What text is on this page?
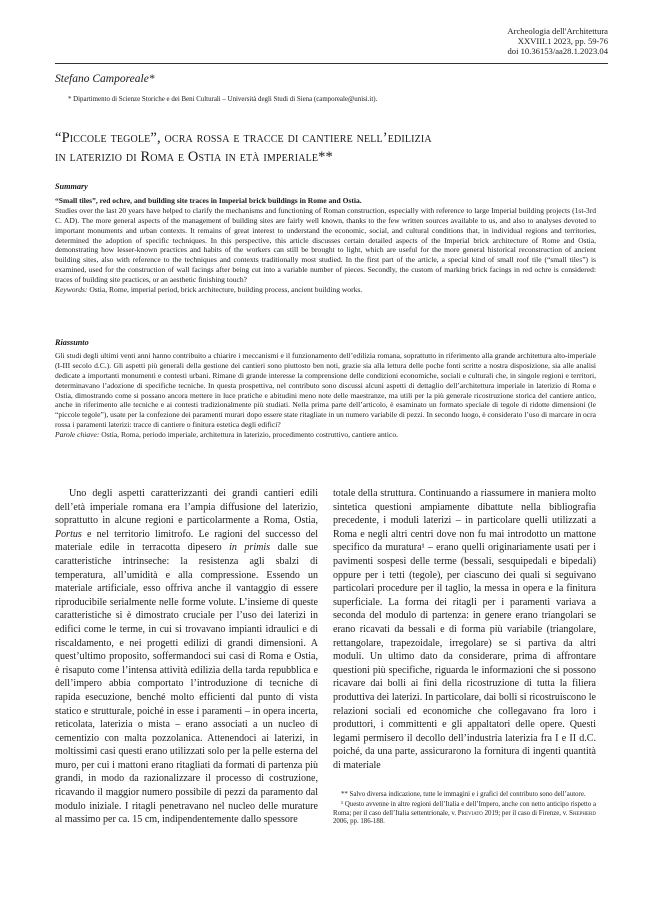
Archeologia dell'Architettura
XXVIII.1 2023, pp. 59-76
doi 10.36153/aa28.1.2023.04
Stefano Camporeale*
* Dipartimento di Scienze Storiche e dei Beni Culturali – Università degli Studi di Siena (camporeale@unisi.it).
“Piccole tegole”, ocra rossa e tracce di cantiere nell’edilizia
in laterizio di Roma e Ostia in età imperiale**
Summary
“Small tiles”, red ochre, and building site traces in Imperial brick buildings in Rome and Ostia.
Studies over the last 20 years have helped to clarify the mechanisms and functioning of Roman construction, especially with reference to large Imperial building projects (1st-3rd C. AD). The more general aspects of the management of building sites are fairly well known, thanks to the few written sources available to us, and also to analyses devoted to important monuments and urban contexts. It remains of great interest to understand the economic, social, and cultural conditions that, in individual regions and territories, determined the adoption of specific techniques. In this perspective, this article discusses certain detailed aspects of the Imperial brick architecture of Rome and Ostia, demonstrating how lesser-known practices and habits of the workers can still be brought to light, which are useful for the more general historical reconstruction of ancient building sites, also with reference to the techniques and contexts traditionally most studied. In the first part of the article, a special kind of small roof tile (“small tiles”) is examined, used for the construction of wall facings after being cut into a variable number of pieces. Secondly, the custom of marking brick facings in red ochre is considered: traces of building site practices, or an aesthetic finishing touch?
Keywords: Ostia, Rome, imperial period, brick architecture, building process, ancient building works.
Riassunto
Gli studi degli ultimi venti anni hanno contribuito a chiarire i meccanismi e il funzionamento dell’edilizia romana, soprattutto in riferimento alla grande architettura alto-imperiale (I-III secolo d.C.). Gli aspetti più generali della gestione dei cantieri sono piuttosto ben noti, grazie sia alla lettura delle poche fonti scritte a nostra disposizione, sia alle analisi dedicate a importanti monumenti e contesti urbani. Rimane di grande interesse la comprensione delle condizioni economiche, sociali e culturali che, in singole regioni e territori, determinavano l’adozione di specifiche tecniche. In questa prospettiva, nel contributo sono discussi alcuni aspetti di dettaglio dell’architettura imperiale in laterizio di Roma e Ostia, dimostrando come si possano ancora mettere in luce pratiche e abitudini meno note delle maestranze, ma utili per la più generale ricostruzione storica del cantiere antico, anche in riferimento alle tecniche e ai contesti tradizionalmente più studiati. Nella prima parte dell’articolo, è esaminato un formato speciale di tegole di ridotte dimensioni (le “piccole tegole”), usate per la confezione dei paramenti murari dopo essere state ritagliate in un numero variabile di pezzi. In secondo luogo, è considerato l’uso di marcare in ocra rossa i paramenti laterizi: tracce di cantiere o finitura estetica degli edifici?
Parole chiave: Ostia, Roma, periodo imperiale, architettura in laterizio, procedimento costruttivo, cantiere antico.

Uno degli aspetti caratterizzanti dei grandi cantieri edili dell’età imperiale romana era l’ampia diffusione del laterizio, soprattutto in alcune regioni e particolarmente a Roma, Ostia, Portus e nel territorio limitrofo. Le ragioni del successo del materiale edile in terracotta dipesero in primis dalle sue caratteristiche intrinseche: la resistenza agli sbalzi di temperatura, all’umidità e alla compressione. Essendo un materiale artificiale, esso offriva anche il vantaggio di essere riproducibile serialmente nelle forme volute. L’insieme di queste caratteristiche si è dimostrato cruciale per l’uso dei laterizi in edifici come le terme, in cui si trovavano impianti idraulici e di riscaldamento, e nei progetti edilizi di grandi dimensioni. A quest’ultimo proposito, soffermandoci sui casi di Roma e Ostia, è risaputo come l’intensa attività edilizia della tarda repubblica e dell’impero abbia comportato l’introduzione di tecniche di rapida esecuzione, benché molto efficienti dal punto di vista statico e strutturale, poiché in esse i paramenti – in opera incerta, reticolata, laterizia o mista – erano associati a un nucleo di cementizio con malta pozzolanica. Attenendoci ai laterizi, in moltissimi casi questi erano utilizzati solo per la pelle esterna del muro, per cui i mattoni erano ritagliati da formati di partenza più grandi, in modo da razionalizzare il processo di costruzione, ricavando il maggior numero possibile di pezzi da paramento dal modulo iniziale. I ritagli penetravano nel nucleo delle murature al massimo per ca. 15 cm, indipendentemente dallo spessore

totale della struttura. Continuando a riassumere in maniera molto sintetica questioni ampiamente dibattute nella bibliografia precedente, i moduli laterizi – in particolare quelli utilizzati a Roma e negli altri centri dove non fu mai introdotto un mattone specifico da muratura¹ – erano quelli originariamente usati per i pavimenti sospesi delle terme (bessali, sesquipedali e bipedali) oppure per i tetti (tegole), per ciascuno dei quali si seguivano particolari procedure per il taglio, la messa in opera e la finitura superficiale. La forma dei ritagli per i paramenti variava a seconda del modulo di partenza: in genere erano triangolari se erano ricavati da bessali e di forma più variabile (triangolare, rettangolare, trapezoidale, irregolare) se si partiva da altri moduli. Un ultimo dato da considerare, prima di affrontare questioni più specifiche, riguarda le informazioni che si possono ricavare dai bolli ai fini della ricostruzione di tutta la filiera produttiva dei laterizi. In particolare, dai bolli si ricostruiscono le relazioni sociali ed economiche che collegavano fra loro i produttori, i committenti e gli appaltatori delle opere. Questi legami permisero il decollo dell’industria laterizia fra I e II d.C. poiché, da una parte, assicurarono la fornitura di ingenti quantità di materiale

** Salvo diversa indicazione, tutte le immagini e i grafici del contributo sono dell’autore.

¹ Questo avvenne in altre regioni dell’Italia e dell’Impero, anche con netto anticipo rispetto a Roma; per il caso dell’Italia settentrionale, v. Previato 2019; per il caso di Firenze, v. Shepherd 2006, pp. 186-188.
